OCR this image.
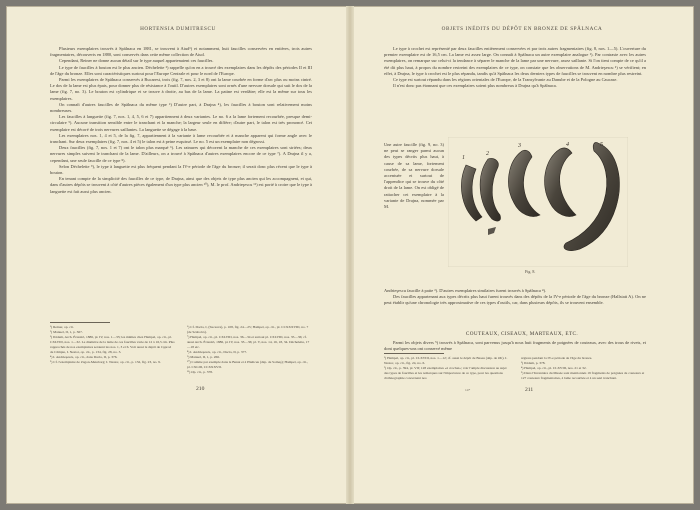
HORTENSIA DUMITRESCU

Plusieurs exemplaires trouvés à Spălnaca en 1881, se trouvent à Aiud¹) et notamment, huit faucilles conservées en entières, trois autres fragmentaires, découverts en 1880, sont conservés dans cette même collection de Aiud.

Cependant, Reiner ne donne aucun détail sur le type auquel appartenaient ces faucilles.

Le type de faucilles à bouton est le plus ancien. Déchelette ²) rappelle qu'on en a trouvé des exemplaires dans les dépôts des périodes II et III de l'âge du bronze. Elles sont caractéristiques surtout pour l'Europe Centrale et pour le nord de l'Europe.

Parmi les exemplaires de Spălnaca conservés à Bucarest, trois (fig. 7, nos. 2, 3 et 8) ont la lame courbée en forme d'arc plus ou moins cintré. Le dos de la lame est plus épais, pour donner plus de résistance à l'outil. D'autres exemplaires sont ornés d'une nervure dorsale qui suit le dos de la lame (fig. 7, no. 3). Le bouton est cylindrique et se trouve à droite, au bas de la lame. La patine est verdâtre; elle est la même sur tous les exemplaires.

On connaît d'autres faucilles de Spălnaca du même type ³) D'autre part, à Drajna ⁴), les faucilles à bouton sont relativement moins nombreuses.

Les faucilles à languette (fig. 7, nos. 1, 4, 5, 6 et 7) appartiennent à deux variantes. Le no. 6 a la lame fortement recourbée, presque demi-circulaire ⁵). Aucune transition sensible entre le tranchant et la manche; la largeur seule en diffère; d'autre part, le talon est très prononcé. Cet exemplaire est décoré de trois nervures saillantes. La languette se dégage à la base.

Les exemplaires nos. 1, 4 et 5, de la fig. 7, appartiennent à la variante à lame recourbée et à manche apparent qui forme angle avec le tranchant. Sur deux exemplaires (fig. 7, nos. 4 et 5) le talon est à peine esquissé. Le no. 5 est un exemplaire non dégrossi.

Deux faucilles (fig. 7, nos. 1 et 7) ont le talon plus marqué ⁶). Les rainures qui décorent la manche de ces exemplaires sont striées; deux nervures simples suivent le tranchant de la lame. D'ailleurs, on a trouvé à Spălnaca d'autres exemplaires encore de ce type ⁷). A Drajna il y a, cependant, une seule faucille de ce type ⁸).

Selon Déchelette ⁹), le type à languette est plus fréquent pendant la IV-e période de l'âge du bronze; il serait donc plus récent que le type à bouton.

En tenant compte de la simplicité des faucilles de ce type, de Drajna, ainsi que des objets de type plus ancien qui les accompagnent, et qui, dans d'autres dépôts se trouvent à côté d'autres pièces également d'un type plus ancien ¹⁰), M. le prof. Andrieşescu ¹¹) est porté à croire que le type à languette est fait aussi plus ancien.

¹) Reiner, op. cit.
²) Manuel, II, 1, p. 367.
³) Ibidem, Arch. Értesitő, 1886, pl. IV, nos. 1—33; les mêmes chez Hampel, op. cit., pl. CXLVIII, nos. 1—32. Le diamètre de la lame de ces faucilles varie de 12 à 16,5 cm. Plus rapprochés de nos exemplaires seraient les nos. 1, 3 et 6. Voir aussi le dépôt de Cşprod de Câmpie, I. Nestor, op. cit., p. 134, fig. 28, no. 3.
⁴) I. Andrieşescu, op. cit., dans Dacia, II, p. 376.
⁵) Cf. l'exemplaire de Zagon-Meteborg; I. Nestor, op. cit., p. 132, fig. 23, no. 9.
⁶) Cf. Dacia, I, (Suceava), p. 108, fig. 24—25; Hampel, op. cit., pl. CCXXXVIII, no. 7 (de Szabolcs).
⁷) Hampel, op. cit., pl. CXLVIII, nos. 36—34 et surtout pl. CXLVIII, nos. 35—36; cf. aussi Arch. Értesitő, 1886, pl. IV, nos. 33—36; pl. V, nos. 14, 16, 18, 34. Déchelette, 17—18 etc.
⁸) I. Andrieşescu, op. cit., Dacia, II, p. 377.
⁹) Manuel, II, 1, p. 266.
¹⁰) Comme par exemple dans le Banat et à Păuliceu (dép. de Someş); Hampel, op. cit., pl. CXLIII, CCXXXVII.
¹¹) Op. cit., p. 378.
210
OBJETS INÉDITS DU DÉPÔT EN BRONZE DE SPĂLNACA

Le type à crochet est représenté par deux faucilles entièrement conservées et par trois autres fragmentaires (fig. 8, nos. 1—5). L'ouverture du premier exemplaire est de 16,5 cm. La lame est assez large. On connaît à Spălnaca un autre exemplaire analogue ¹). Par contraste avec les autres exemplaires, on remarque sur celui-ci la tendance à séparer le manche de la lame par une nervure, assez saillante. Si l'on tient compte de ce qu'il a été dit plus haut, à propos du nombre restreint des exemplaires de ce type, on constate que les observations de M. Andrieşescu ²) se vérifient; en effet, à Drajna, le type à crochet est le plus répandu, tandis qu'à Spălnaca les deux derniers types de faucilles se trouvent en nombre plus restreint.

Ce type est surtout répandu dans les régions orientales de l'Europe, de la Transylvanie au Danube et de la Pologne au Caucase.

Il n'est donc pas étonnant que ces exemplaires soient plus nombreux à Drajna qu'à Spălnaca.

Une autre faucille (fig. 9, no. 3) ne peut se ranger parmi aucun des types décrits plus haut, à cause de sa lame, fortement courbée, de sa nervure dorsale accentuée et surtout de l'appendice qui se trouve du côté droit de la lame. On est obligé de rattacher cet exemplaire à la variante de Drajna, nommée par M.
1
2
3	4	5
Fig. 8.

Andrieşescu faucille à patte ³). D'autres exemplaires similaires furent trouvés à Spălnaca ⁴).

Des faucilles appartenant aux types décrits plus haut furent trouvés dans des dépôts de la IV-e période de l'âge du bronze (Hallstatt A). On ne peut établir qu'une chronologie très approximative de ces types d'outils, car, dans plusieurs dépôts, ils se trouvent ensemble.

COUTEAUX, CISEAUX, MARTEAUX, ETC.

Parmi les objets divers ⁵) trouvés à Spălnaca, sont parvenus jusqu'à nous huit fragments de poignées de couteaux, avec des trous de rivets, et dont quelques-uns ont conservé même

¹) Hampel, op. cit., pl. CLXVIII, nos. 1—12; cf. aussi le dépôt de Baseu (dép. de Olt). I. Nestor, op. cit., fig. 24, no. 6.
²) Op. cit., p. 394, pl. VII; 128 exemplaires «à crochet»; voir l'ample discussion au sujet des types de faucilles et les remarques sur l'importance de ce type, pour les questions d'ethnographie concernant nos
régions pendant la IV-e période de l'âge du bronze.
³) Ibidem, p. 378.
⁴) Hampel, op. cit., pl. CLXVIII, nos. 21 et 32.
⁵) Dans l'Inventaire du Musée sont mentionnés 19 fragments de poignées de couteaux et 127 couteaux fragmentaires, à lame recourbée et à un seul tranchant.
14*	211
